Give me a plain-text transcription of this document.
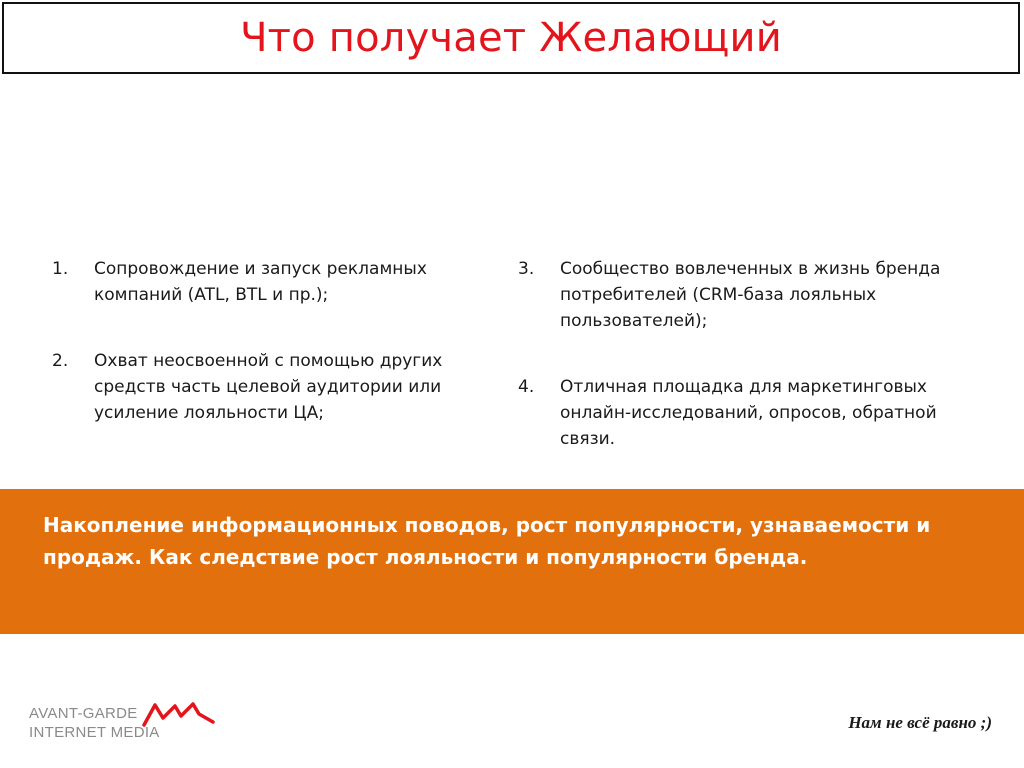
Что получает Желающий
1.	Сопровождение и запуск рекламных компаний (ATL, BTL и пр.);
2.	Охват неосвоенной с помощью других средств часть целевой аудитории или усиление лояльности ЦА;
3.	Сообщество вовлеченных в жизнь бренда потребителей (CRM-база лояльных пользователей);
4.	Отличная площадка для маркетинговых онлайн-исследований, опросов, обратной связи.
Накопление информационных поводов, рост популярности, узнаваемости и продаж. Как следствие рост лояльности и популярности бренда.
AVANT-GARDE
INTERNET MEDIA
Нам не всё равно ;)
